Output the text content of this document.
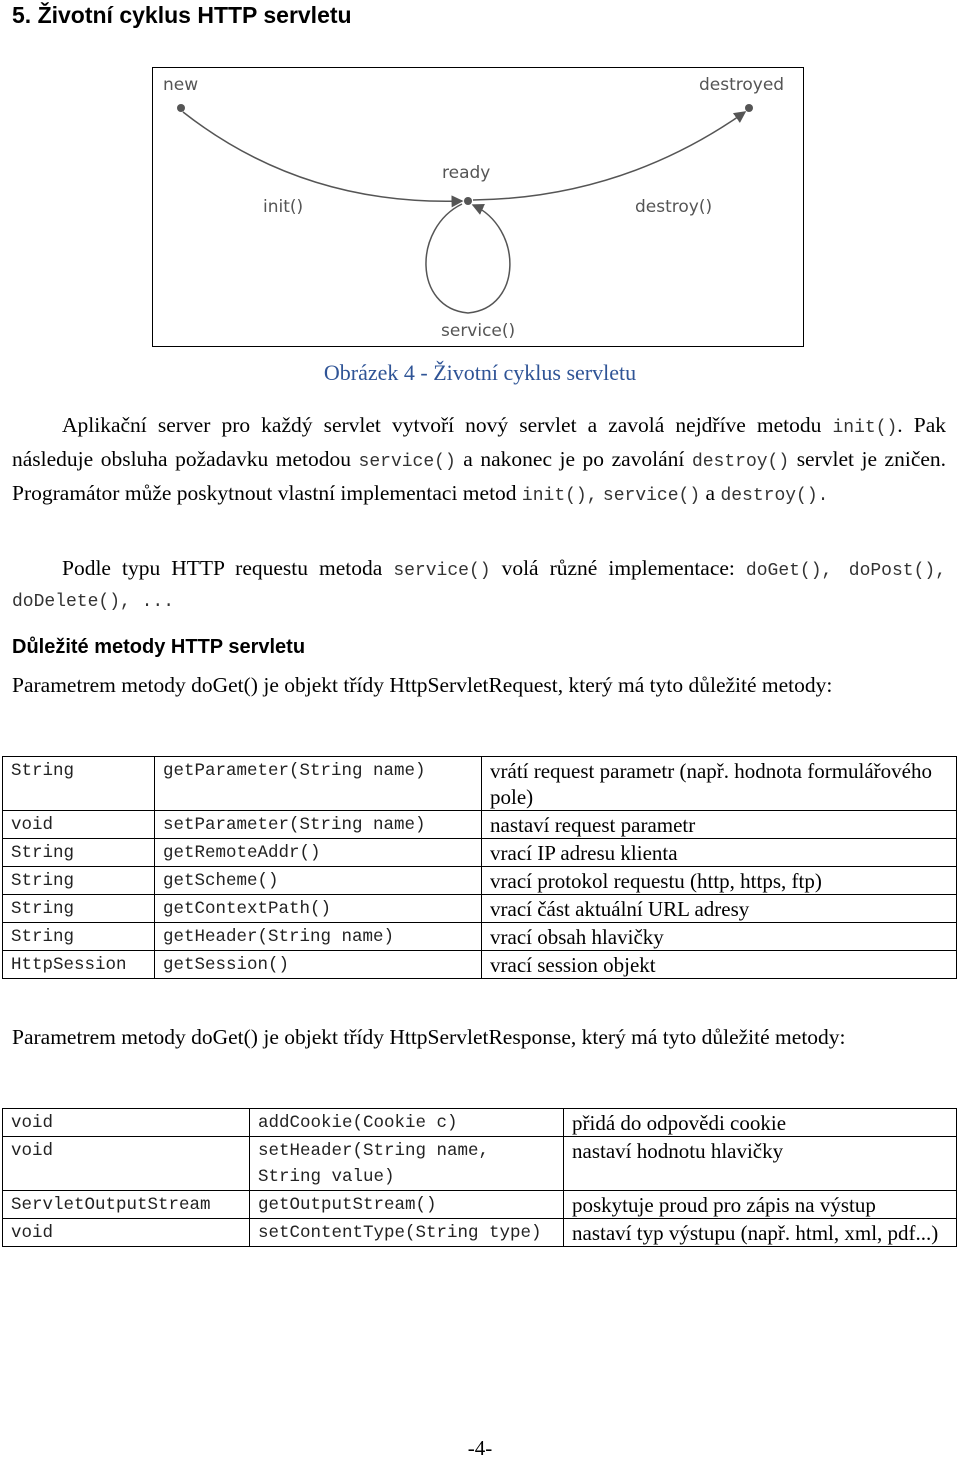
5. Životní cyklus HTTP servletu
new	destroyed
ready
init()	destroy()
service()
Obrázek 4 - Životní cyklus servletu
Aplikační server pro každý servlet vytvoří nový servlet a zavolá nejdříve metodu init(). Pak následuje obsluha požadavku metodou service() a nakonec je po zavolání destroy() servlet je zničen. Programátor může poskytnout vlastní implementaci metod init(), service() a destroy().
Podle typu HTTP requestu metoda service() volá různé implementace: doGet(), doPost(), doDelete(), ...
Důležité metody HTTP servletu
Parametrem metody doGet() je objekt třídy HttpServletRequest, který má tyto důležité metody:
String	getParameter(String name)	vrátí request parametr (např. hodnota formulářového pole)
void	setParameter(String name)	nastaví request parametr
String	getRemoteAddr()	vrací IP adresu klienta
String	getScheme()	vrací protokol requestu (http, https, ftp)
String	getContextPath()	vrací část aktuální URL adresy
String	getHeader(String name)	vrací obsah hlavičky
HttpSession	getSession()	vrací session objekt
Parametrem metody doGet() je objekt třídy HttpServletResponse, který má tyto důležité metody:
void	addCookie(Cookie c)	přidá do odpovědi cookie
void	setHeader(String name, String value)	nastaví hodnotu hlavičky
ServletOutputStream	getOutputStream()	poskytuje proud pro zápis na výstup
void	setContentType(String type)	nastaví typ výstupu (např. html, xml, pdf...)
-4-
